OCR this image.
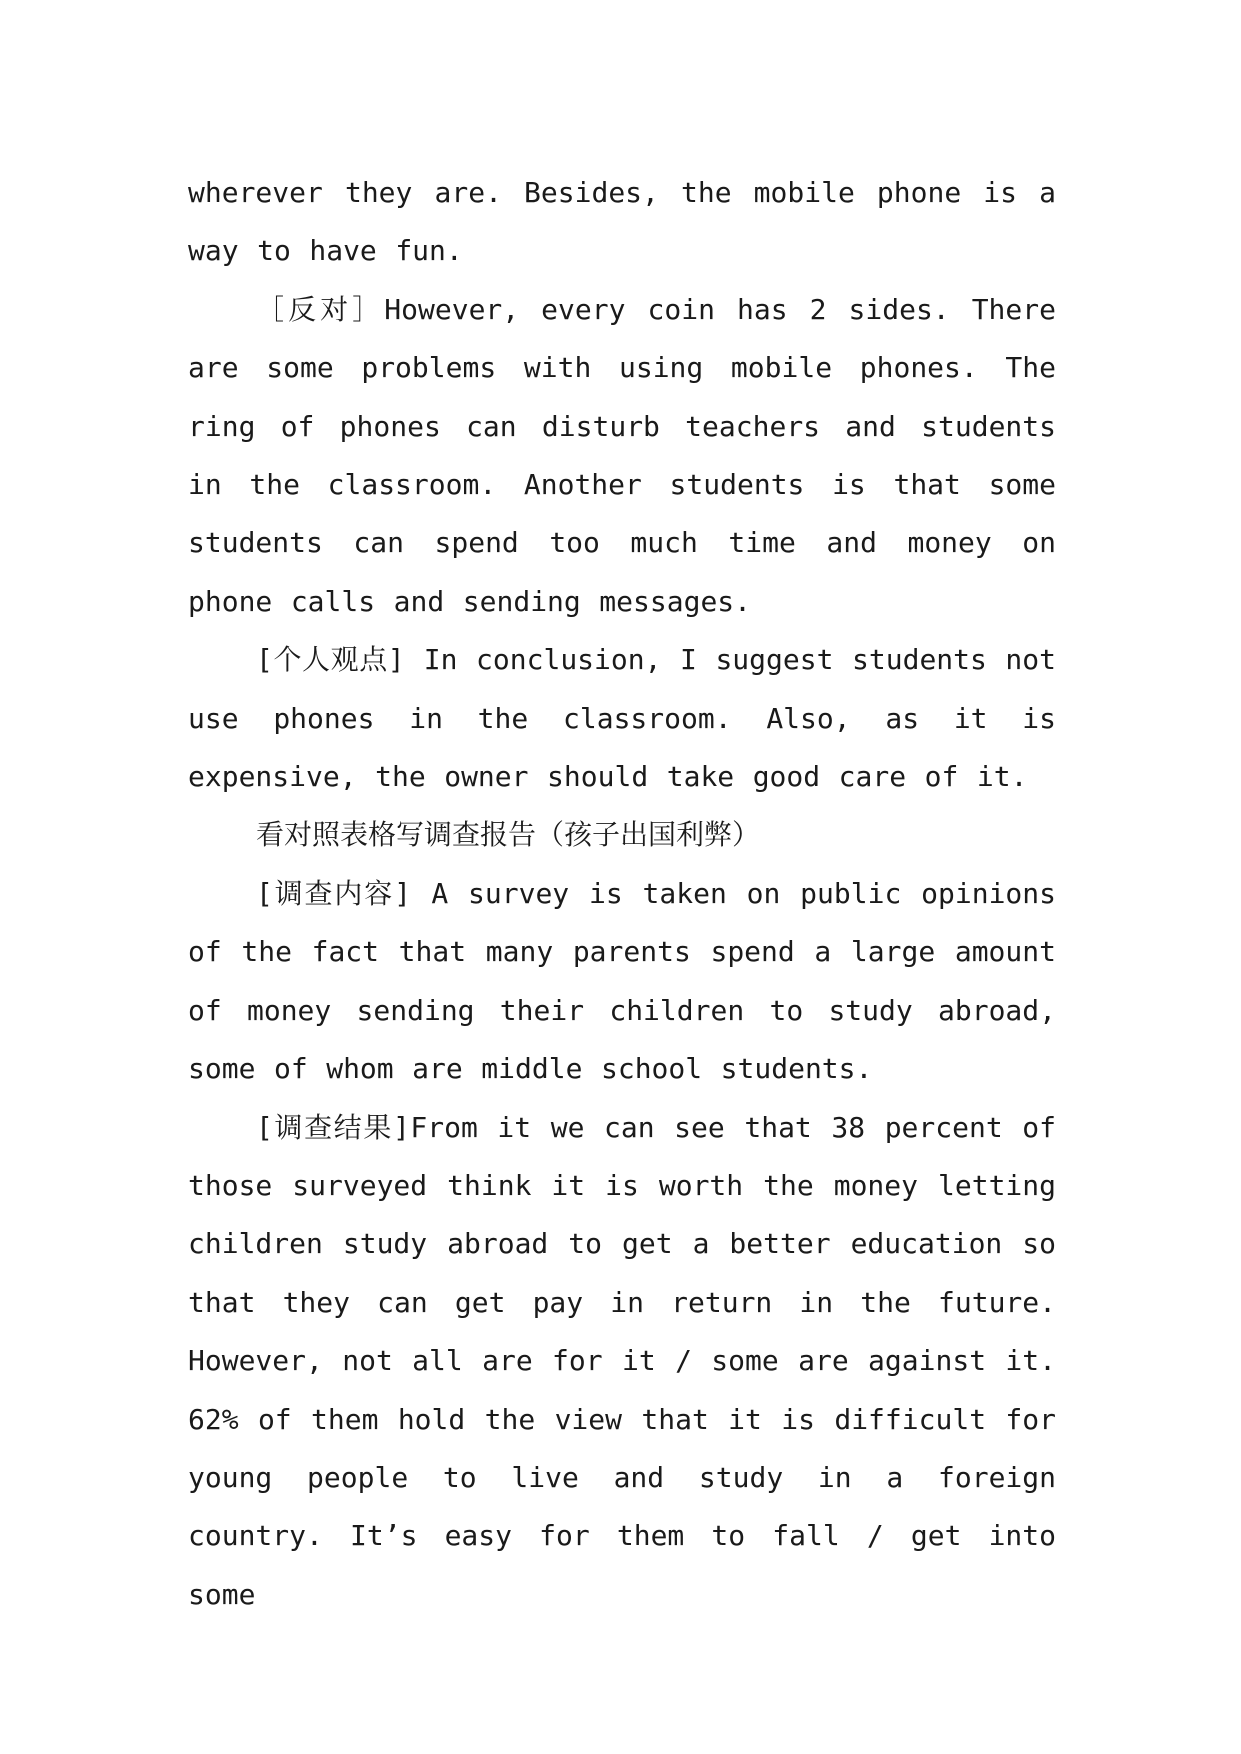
wherever they are. Besides, the mobile phone is a way to have fun.

［反对］However, every coin has 2 sides. There are some problems with using mobile phones. The ring of phones can disturb teachers and students in the classroom. Another students is that some students can spend too much time and money on phone calls and sending messages.

[个人观点] In conclusion, I suggest students not use phones in the classroom. Also, as it is expensive, the owner should take good care of it.

看对照表格写调查报告（孩子出国利弊）

[调查内容] A survey is taken on public opinions of the fact that many parents spend a large amount of money sending their children to study abroad, some of whom are middle school students.

[调查结果]From it we can see that 38 percent of those surveyed think it is worth the money letting children study abroad to get a better education so that they can get pay in return in the future. However, not all are for it / some are against it. 62% of them hold the view that it is difficult for young people to live and study in a foreign country. It’s easy for them to fall / get into some
